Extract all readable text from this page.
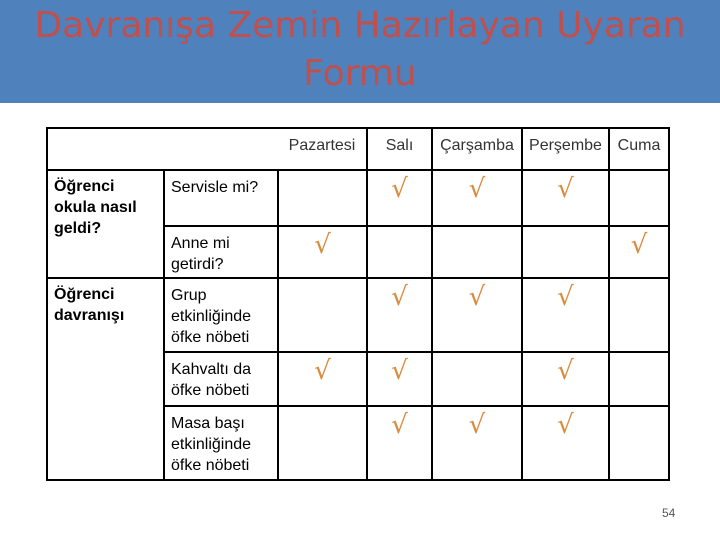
Davranışa Zemin Hazırlayan Uyaran
Formu
		Pazartesi	Salı	Çarşamba	Perşembe	Cuma
Öğrenci okula nasıl geldi?	Servisle mi?		√	√	√	
	Anne mi getirdi?	√				√
Öğrenci davranışı	Grup etkinliğinde öfke nöbeti		√	√	√	
	Kahvaltı da öfke nöbeti	√	√		√	
	Masa başı etkinliğinde öfke nöbeti		√	√	√	
54
